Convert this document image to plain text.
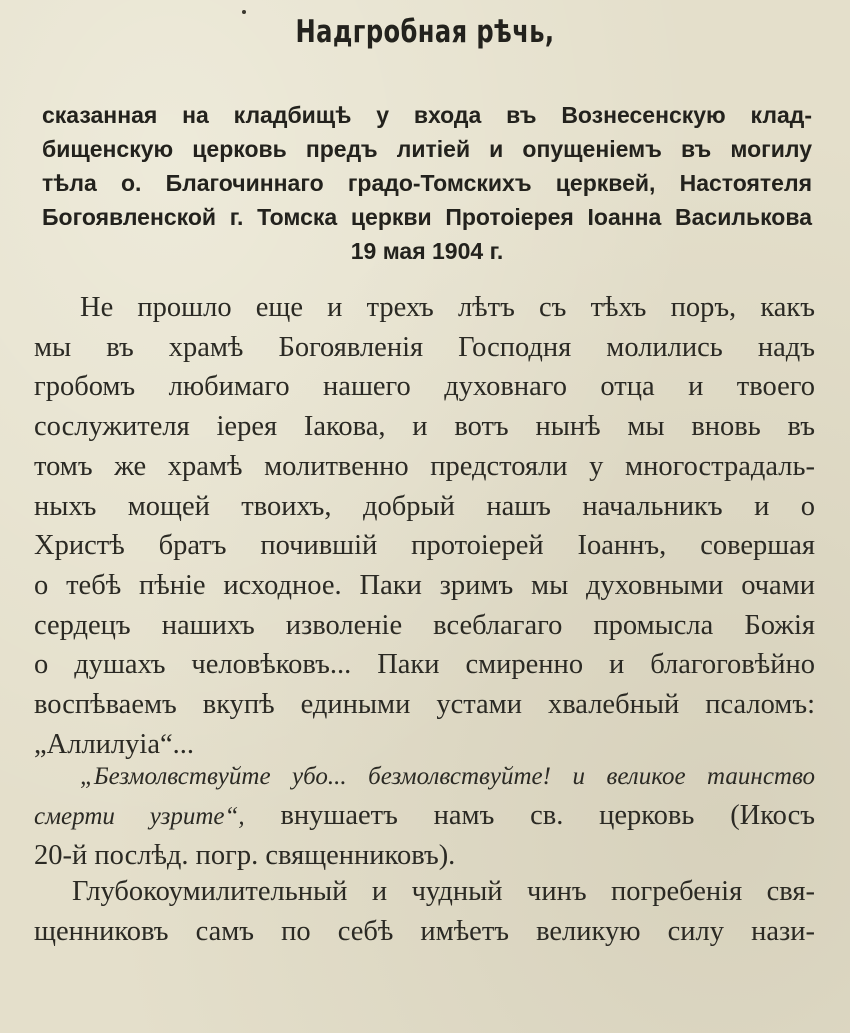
Надгробная рѣчь,
сказанная на кладбищѣ у входа въ Вознесенскую клад-
бищенскую церковь предъ литiей и опущенiемъ въ могилу
тѣла о. Благочиннаго градо-Томскихъ церквей, Настоятеля
Богоявленской г. Томска церкви Протоiерея Iоанна Василькова
19 мая 1904 г.
Не прошло еще и трехъ лѣтъ съ тѣхъ поръ, какъ
мы въ храмѣ Богоявленiя Господня молились надъ
гробомъ любимаго нашего духовнаго отца и твоего
сослужителя iерея Iакова, и вотъ нынѣ мы вновь въ
томъ же храмѣ молитвенно предстояли у многострадаль-
ныхъ мощей твоихъ, добрый нашъ начальникъ и о
Христѣ братъ почившiй протоiерей Iоаннъ, совершая
о тебѣ пѣнiе исходное. Паки зримъ мы духовными очами
сердецъ нашихъ изволенiе всеблагаго промысла Божiя
о душахъ человѣковъ... Паки смиренно и благоговѣйно
воспѣваемъ вкупѣ едиными устами хвалебный псаломъ:
„Аллилуiа“...
„Безмолвствуйте убо... безмолвствуйте! и великое таинство
смерти узрите“, внушаетъ намъ св. церковь (Икосъ
20-й послѣд. погр. священниковъ).
Глубокоумилительный и чудный чинъ погребенiя свя-
щенниковъ самъ по себѣ имѣетъ великую силу нази-
